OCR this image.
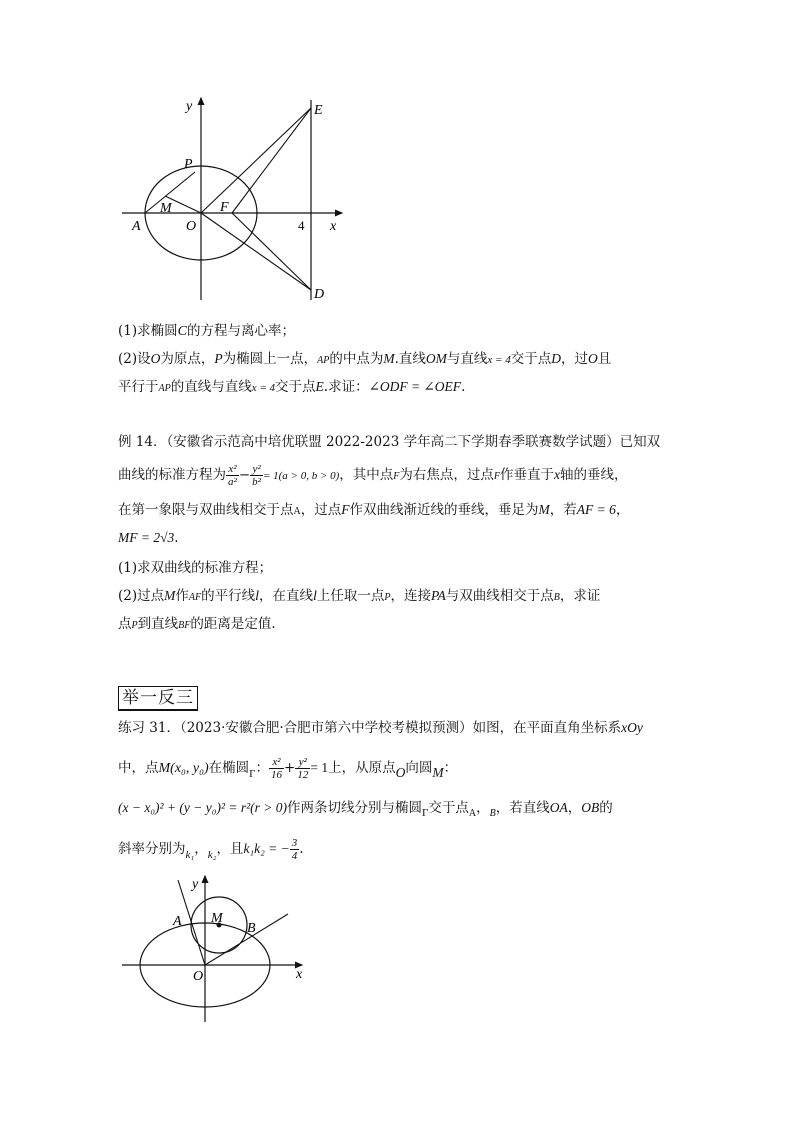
y
x
P
M
A	O
F
E
D
4
(1)求椭圆C的方程与离心率；
(2)设O为原点，P为椭圆上一点，AP的中点为M.直线OM与直线x = 4交于点D，过O且
平行于AP的直线与直线x = 4交于点E.求证：∠ODF = ∠OEF.
例 14．（安徽省示范高中培优联盟 2022-2023 学年高二下学期春季联赛数学试题）已知双
曲线的标准方程为 $\frac{\text{x²}}{\text{a²}} - \frac{\text{y²}}{\text{b²}} = 1(a > 0$, b > 0)，其中点F为右焦点，过点F作垂直于x轴的垂线，
在第一象限与双曲线相交于点A，过点F作双曲线渐近线的垂线，垂足为M，若AF = 6，
MF = 2√3.
(1)求双曲线的标准方程；
(2)过点M作AF的平行线l，在直线l上任取一点P，连接PA与双曲线相交于点B，求证
点P到直线BF的距离是定值.
举一反三
练习 31．（2023·安徽合肥·合肥市第六中学校考模拟预测）如图，在平面直角坐标系xOy
中，点M(x₀, y₀)在椭圆$_\Gamma$： $\frac{\text{x²}}{16} + \frac{\text{y²}}{12} = 1$上，从原点O向圆M：
(x − x₀)² + (y − y₀)² = r²(r > 0)作两条切线分别与椭圆$_\Gamma$交于点$_A$，$_B$，若直线OA，OB的
斜率分别为$_{k_1}$，$_{k_2}$，且k₁k₂ = − $\frac{3}{4}$ .
y
A M
B
O	x
